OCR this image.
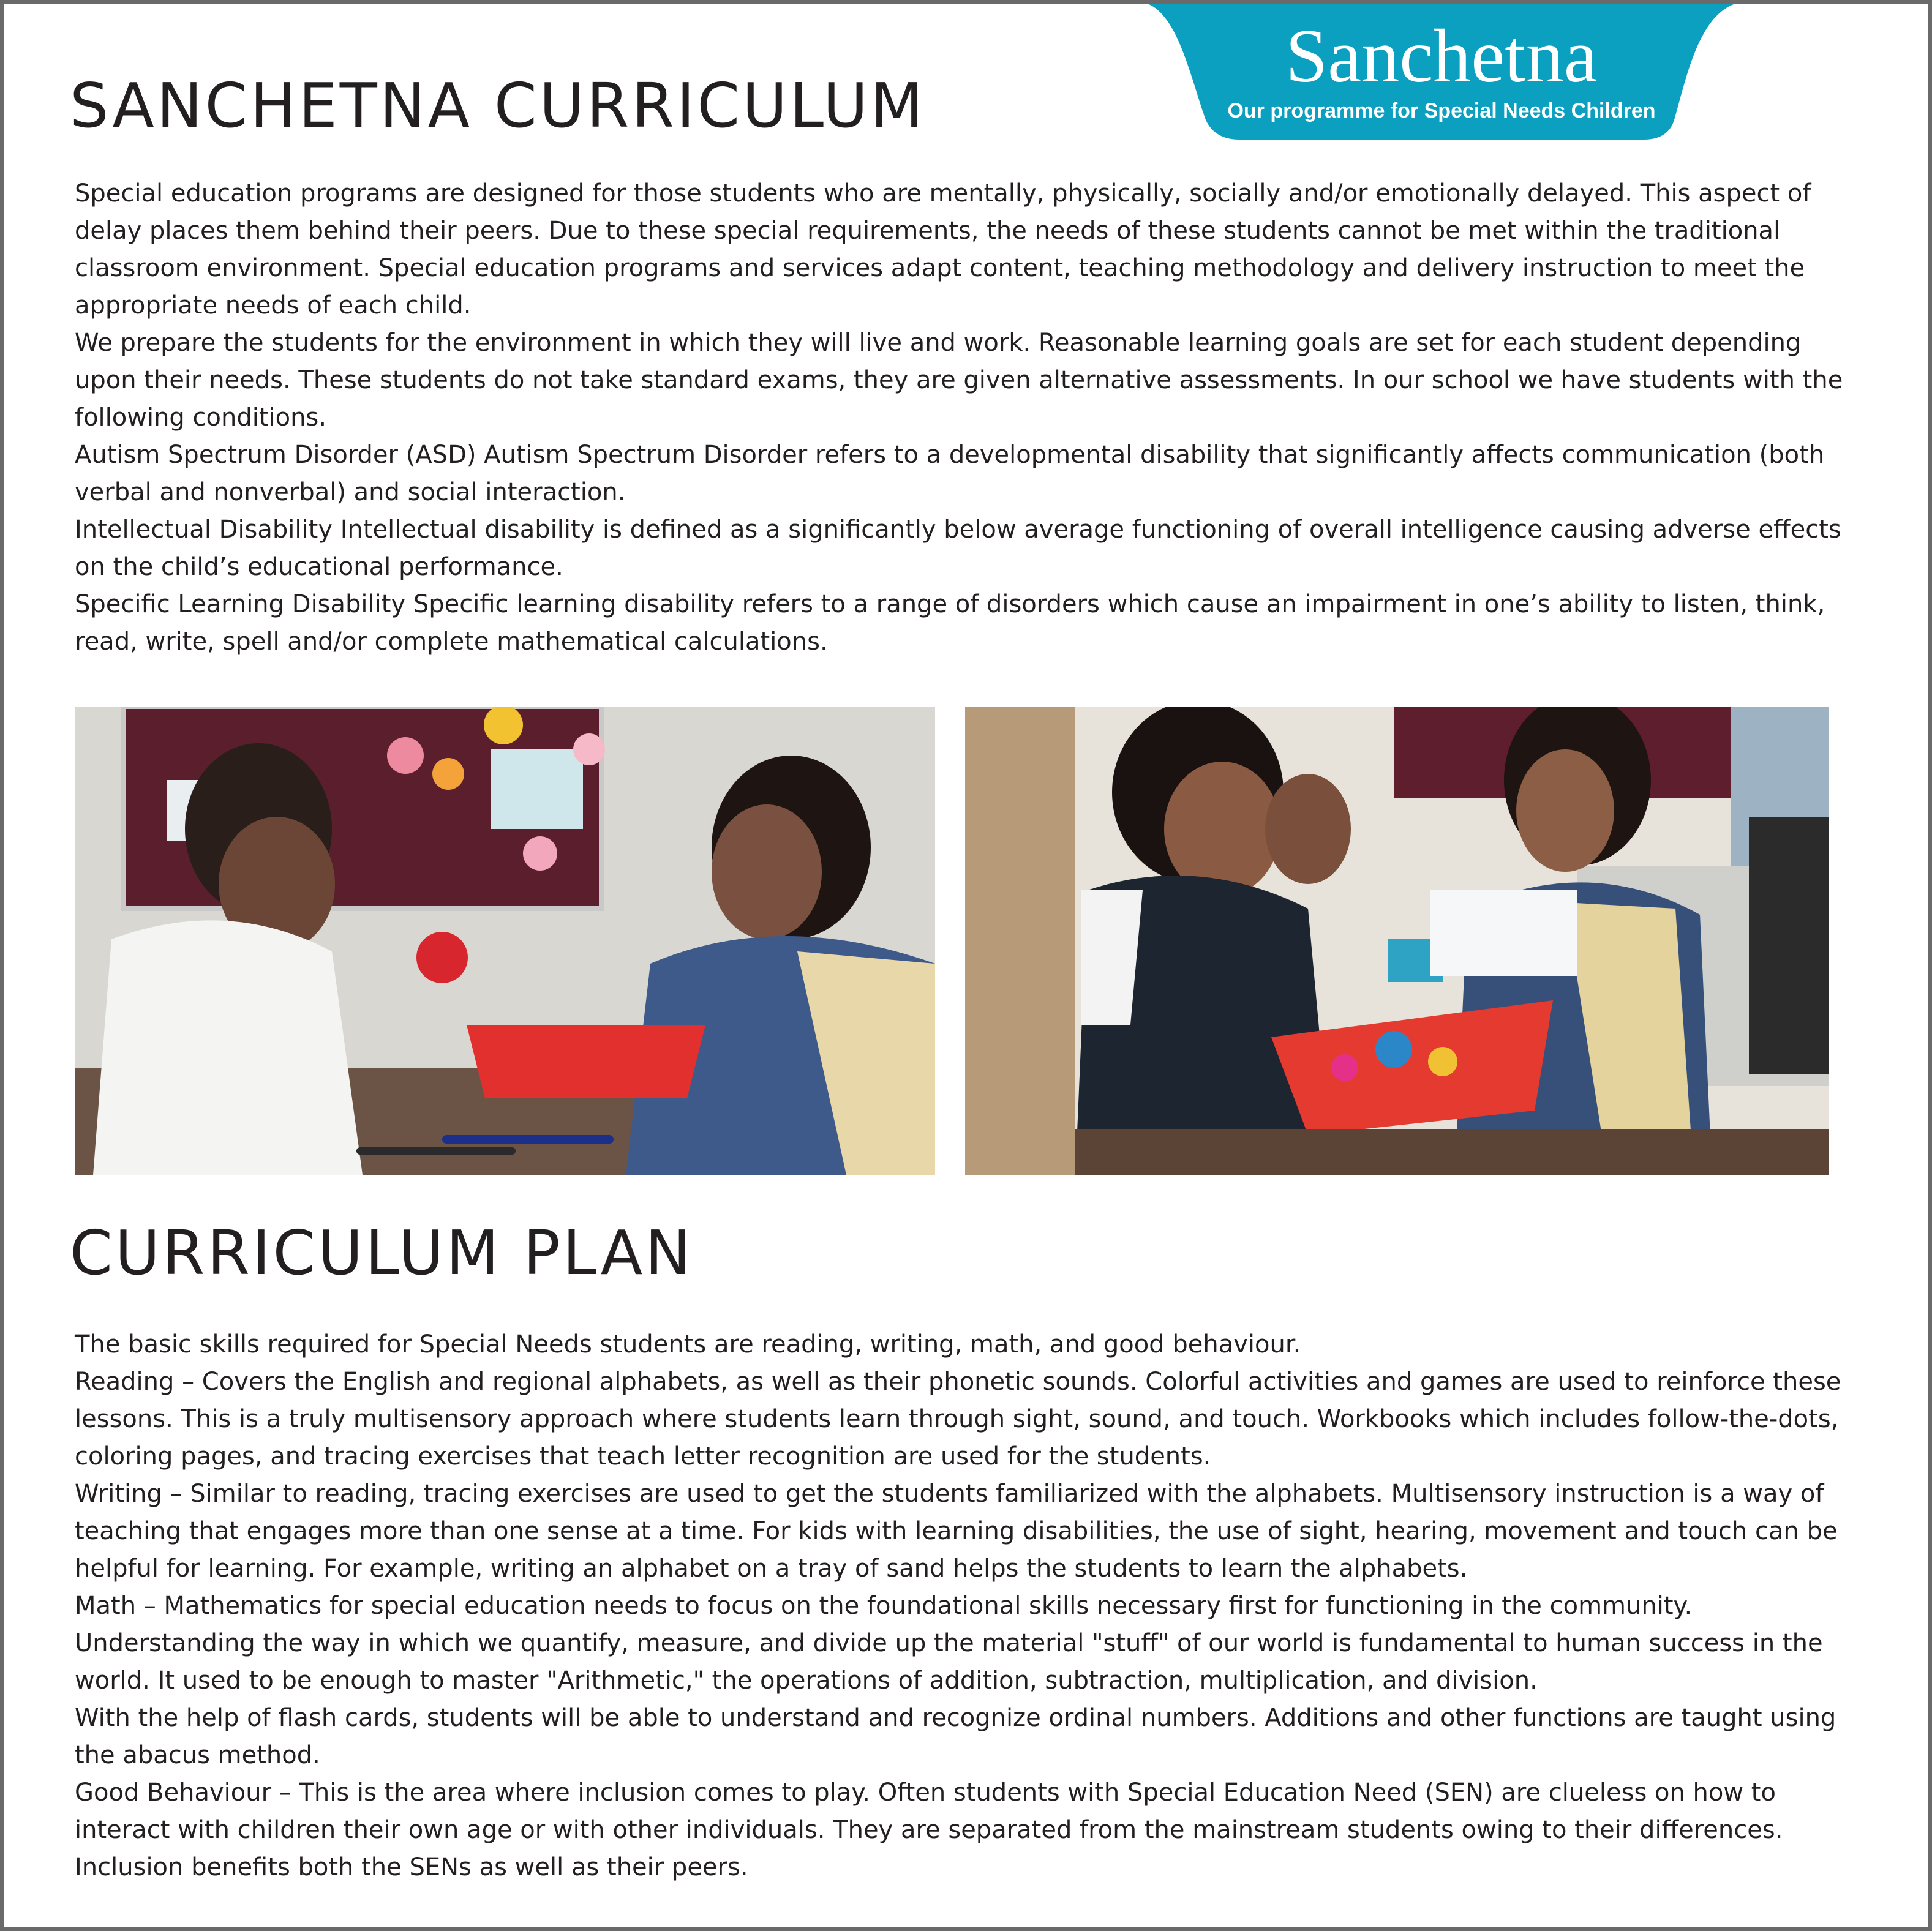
Sanchetna
Our programme for Special Needs Children
SANCHETNA CURRICULUM

Special education programs are designed for those students who are mentally, physically, socially and/or emotionally delayed. This aspect of delay places them behind their peers. Due to these special requirements, the needs of these students cannot be met within the traditional classroom environment. Special education programs and services adapt content, teaching methodology and delivery instruction to meet the appropriate needs of each child.

We prepare the students for the environment in which they will live and work. Reasonable learning goals are set for each student depending upon their needs. These students do not take standard exams, they are given alternative assessments. In our school we have students with the following conditions.

Autism Spectrum Disorder (ASD) Autism Spectrum Disorder refers to a developmental disability that significantly affects communication (both verbal and nonverbal) and social interaction.

Intellectual Disability Intellectual disability is defined as a significantly below average functioning of overall intelligence causing adverse effects on the child’s educational performance.

Specific Learning Disability Specific learning disability refers to a range of disorders which cause an impairment in one’s ability to listen, think, read, write, spell and/or complete mathematical calculations.

CURRICULUM PLAN

The basic skills required for Special Needs students are reading, writing, math, and good behaviour.

Reading – Covers the English and regional alphabets, as well as their phonetic sounds. Colorful activities and games are used to reinforce these lessons. This is a truly multisensory approach where students learn through sight, sound, and touch. Workbooks which includes follow-the-dots, coloring pages, and tracing exercises that teach letter recognition are used for the students.

Writing – Similar to reading, tracing exercises are used to get the students familiarized with the alphabets. Multisensory instruction is a way of teaching that engages more than one sense at a time. For kids with learning disabilities, the use of sight, hearing, movement and touch can be helpful for learning. For example, writing an alphabet on a tray of sand helps the students to learn the alphabets.

Math – Mathematics for special education needs to focus on the foundational skills necessary first for functioning in the community. Understanding the way in which we quantify, measure, and divide up the material "stuff" of our world is fundamental to human success in the world. It used to be enough to master "Arithmetic," the operations of addition, subtraction, multiplication, and division.

With the help of flash cards, students will be able to understand and recognize ordinal numbers. Additions and other functions are taught using the abacus method.

Good Behaviour – This is the area where inclusion comes to play. Often students with Special Education Need (SEN) are clueless on how to interact with children their own age or with other individuals. They are separated from the mainstream students owing to their differences. Inclusion benefits both the SENs as well as their peers.
